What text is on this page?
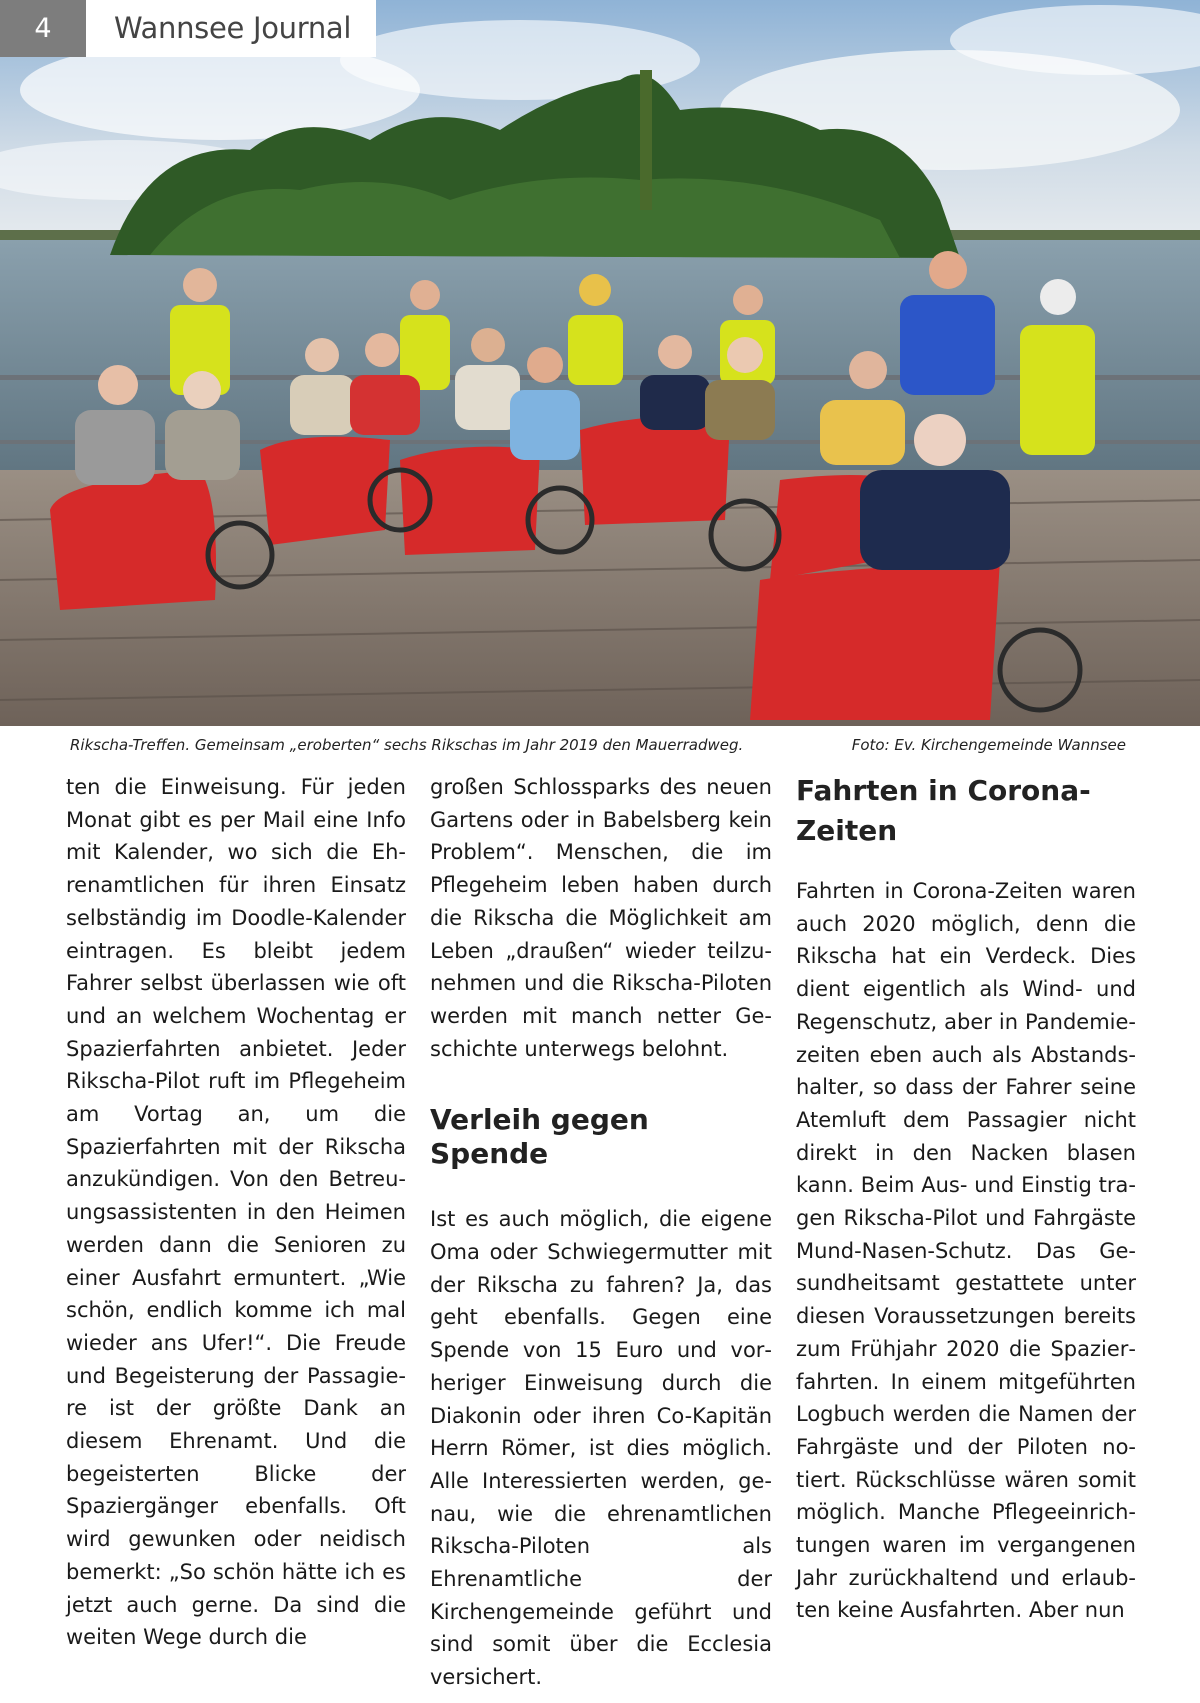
4	Wannsee Journal
Rikscha-Treffen. Gemeinsam „eroberten“ sechs Rikschas im Jahr 2019 den Mauerradweg.	Foto: Ev. Kirchengemeinde Wannsee

ten die Einweisung. Für jeden Monat gibt es per Mail eine Info mit Kalender, wo sich die Ehrenamtlichen für ihren Einsatz selbständig im Doodle-Kalender eintragen. Es bleibt jedem Fahrer selbst überlassen wie oft und an welchem Wochentag er Spazierfahrten anbietet. Jeder Rikscha-Pilot ruft im Pflegeheim am Vortag an, um die Spazierfahrten mit der Rikscha anzukündigen. Von den Betreuungsassistenten in den Heimen werden dann die Senioren zu einer Ausfahrt ermuntert. „Wie schön, endlich komme ich mal wieder ans Ufer!“. Die Freude und Begeisterung der Passagiere ist der größte Dank an diesem Ehrenamt. Und die begeisterten Blicke der Spaziergänger ebenfalls. Oft wird gewunken oder neidisch bemerkt: „So schön hätte ich es jetzt auch gerne. Da sind die weiten Wege durch die

großen Schlossparks des neuen Gartens oder in Babelsberg kein Problem“. Menschen, die im Pflegeheim leben haben durch die Rikscha die Möglichkeit am Leben „draußen“ wieder teilzunehmen und die Rikscha-Piloten werden mit manch netter Geschichte unterwegs belohnt.

Verleih gegen Spende

Ist es auch möglich, die eigene Oma oder Schwiegermutter mit der Rikscha zu fahren? Ja, das geht ebenfalls. Gegen eine Spende von 15 Euro und vorheriger Einweisung durch die Diakonin oder ihren Co-Kapitän Herrn Römer, ist dies möglich. Alle Interessierten werden, genau, wie die ehrenamtlichen Rikscha-Piloten als Ehrenamtliche der Kirchengemeinde geführt und sind somit über die Ecclesia versichert.

Fahrten in Corona-Zeiten

Fahrten in Corona-Zeiten waren auch 2020 möglich, denn die Rikscha hat ein Verdeck. Dies dient eigentlich als Wind- und Regenschutz, aber in Pandemiezeiten eben auch als Abstandshalter, so dass der Fahrer seine Atemluft dem Passagier nicht direkt in den Nacken blasen kann. Beim Aus- und Einstig tragen Rikscha-Pilot und Fahrgäste Mund-Nasen-Schutz. Das Gesundheitsamt gestattete unter diesen Voraussetzungen bereits zum Frühjahr 2020 die Spazierfahrten. In einem mitgeführten Logbuch werden die Namen der Fahrgäste und der Piloten notiert. Rückschlüsse wären somit möglich. Manche Pflegeeinrichtungen waren im vergangenen Jahr zurückhaltend und erlaubten keine Ausfahrten. Aber nun
